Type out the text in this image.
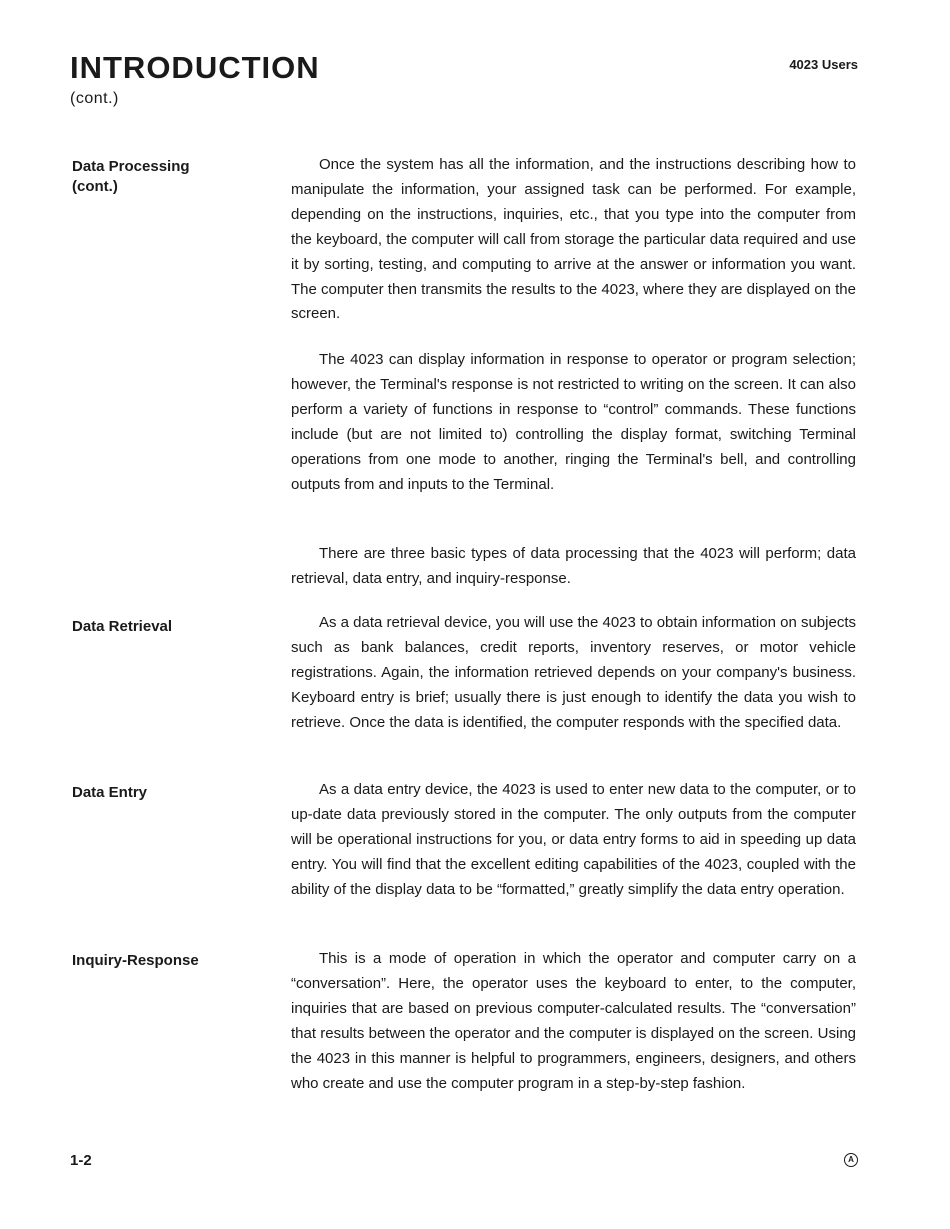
INTRODUCTION
(cont.)
4023 Users
Data Processing
(cont.)

Once the system has all the information, and the instructions describing how to manipulate the information, your assigned task can be performed. For example, depending on the instructions, inquiries, etc., that you type into the computer from the keyboard, the computer will call from storage the particular data required and use it by sorting, testing, and computing to arrive at the answer or information you want. The computer then transmits the results to the 4023, where they are displayed on the screen.

The 4023 can display information in response to operator or program selection; however, the Terminal's response is not restricted to writing on the screen. It can also perform a variety of functions in response to “control” commands. These functions include (but are not limited to) controlling the display format, switching Terminal operations from one mode to another, ringing the Terminal's bell, and controlling outputs from and inputs to the Terminal.

There are three basic types of data processing that the 4023 will perform; data retrieval, data entry, and inquiry-response.

Data Retrieval	As a data retrieval device, you will use the 4023 to obtain information on subjects such as bank balances, credit reports, inventory reserves, or motor vehicle registrations. Again, the information retrieved depends on your company's business. Keyboard entry is brief; usually there is just enough to identify the data you wish to retrieve. Once the data is identified, the computer responds with the specified data.

Data Entry	As a data entry device, the 4023 is used to enter new data to the computer, or to up-date data previously stored in the computer. The only outputs from the computer will be operational instructions for you, or data entry forms to aid in speeding up data entry. You will find that the excellent editing capabilities of the 4023, coupled with the ability of the display data to be “formatted,” greatly simplify the data entry operation.

Inquiry-Response	This is a mode of operation in which the operator and computer carry on a “conversation”. Here, the operator uses the keyboard to enter, to the computer, inquiries that are based on previous computer-calculated results. The “conversation” that results between the operator and the computer is displayed on the screen. Using the 4023 in this manner is helpful to programmers, engineers, designers, and others who create and use the computer program in a step-by-step fashion.

1-2	A
